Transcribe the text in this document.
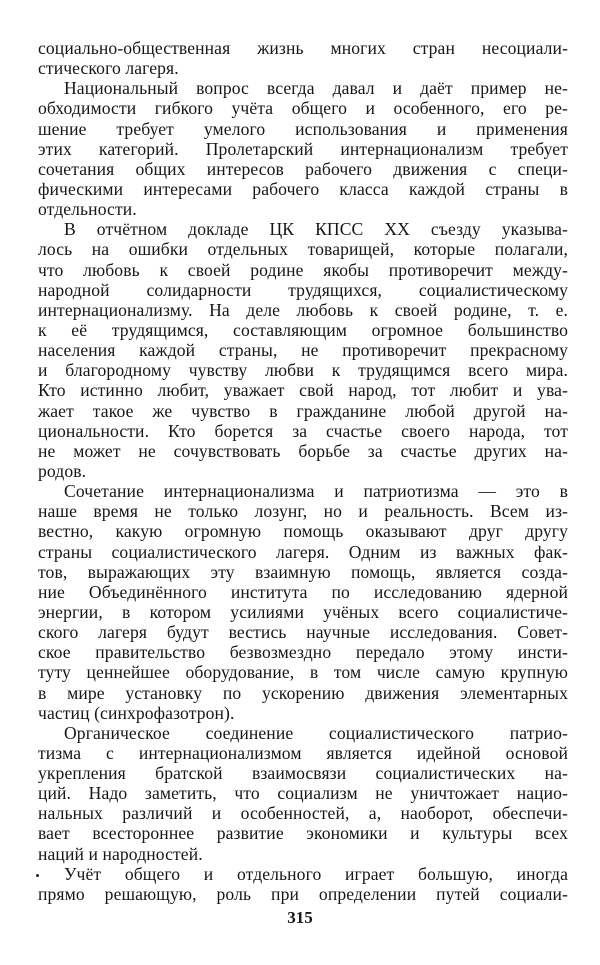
социально-общественная жизнь многих стран несоциали-
стического лагеря.
Национальный вопрос всегда давал и даёт пример не-
обходимости гибкого учёта общего и особенного, его ре-
шение требует умелого использования и применения
этих категорий. Пролетарский интернационализм требует
сочетания общих интересов рабочего движения с специ-
фическими интересами рабочего класса каждой страны в
отдельности.
В отчётном докладе ЦК КПСС XX съезду указыва-
лось на ошибки отдельных товарищей, которые полагали,
что любовь к своей родине якобы противоречит между-
народной солидарности трудящихся, социалистическому
интернационализму. На деле любовь к своей родине, т. е.
к её трудящимся, составляющим огромное большинство
населения каждой страны, не противоречит прекрасному
и благородному чувству любви к трудящимся всего мира.
Кто истинно любит, уважает свой народ, тот любит и ува-
жает такое же чувство в гражданине любой другой на-
циональности. Кто борется за счастье своего народа, тот
не может не сочувствовать борьбе за счастье других на-
родов.
Сочетание интернационализма и патриотизма — это в
наше время не только лозунг, но и реальность. Всем из-
вестно, какую огромную помощь оказывают друг другу
страны социалистического лагеря. Одним из важных фак-
тов, выражающих эту взаимную помощь, является созда-
ние Объединённого института по исследованию ядерной
энергии, в котором усилиями учёных всего социалистиче-
ского лагеря будут вестись научные исследования. Совет-
ское правительство безвозмездно передало этому инсти-
туту ценнейшее оборудование, в том числе самую крупную
в мире установку по ускорению движения элементарных
частиц (синхрофазотрон).
Органическое соединение социалистического патрио-
тизма с интернационализмом является идейной основой
укрепления братской взаимосвязи социалистических на-
ций. Надо заметить, что социализм не уничтожает нацио-
нальных различий и особенностей, а, наоборот, обеспечи-
вает всестороннее развитие экономики и культуры всех
наций и народностей.
Учёт общего и отдельного играет большую, иногда
прямо решающую, роль при определении путей социали-
315
